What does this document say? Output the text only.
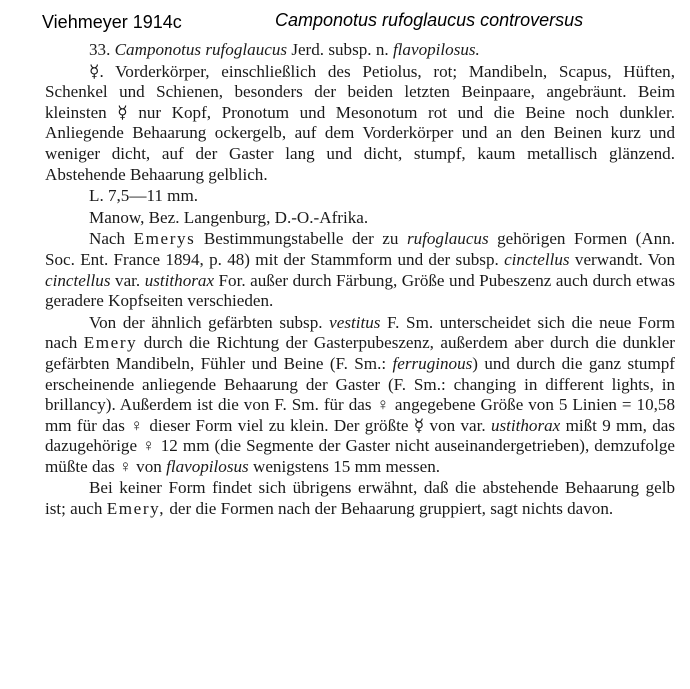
Viehmeyer 1914c	Camponotus rufoglaucus controversus

33. Camponotus rufoglaucus Jerd. subsp. n. flavopilosus.

☿. Vorderkörper, einschließlich des Petiolus, rot; Mandibeln, Scapus, Hüften, Schenkel und Schienen, besonders der beiden letzten Beinpaare, angebräunt. Beim kleinsten ☿ nur Kopf, Pronotum und Mesonotum rot und die Beine noch dunkler. Anliegende Behaarung ockergelb, auf dem Vorderkörper und an den Beinen kurz und weniger dicht, auf der Gaster lang und dicht, stumpf, kaum metallisch glänzend. Abstehende Behaarung gelblich.

L. 7,5—11 mm.

Manow, Bez. Langenburg, D.-O.-Afrika.

Nach Emerys Bestimmungstabelle der zu rufoglaucus gehörigen Formen (Ann. Soc. Ent. France 1894, p. 48) mit der Stammform und der subsp. cinctellus verwandt. Von cinctellus var. ustithorax For. außer durch Färbung, Größe und Pubeszenz auch durch etwas geradere Kopfseiten verschieden.

Von der ähnlich gefärbten subsp. vestitus F. Sm. unterscheidet sich die neue Form nach Emery durch die Richtung der Gasterpubeszenz, außerdem aber durch die dunkler gefärbten Mandibeln, Fühler und Beine (F. Sm.: ferruginous) und durch die ganz stumpf erscheinende anliegende Behaarung der Gaster (F. Sm.: changing in different lights, in brillancy). Außerdem ist die von F. Sm. für das ♀ angegebene Größe von 5 Linien = 10,58 mm für das ♀ dieser Form viel zu klein. Der größte ☿ von var. ustithorax mißt 9 mm, das dazugehörige ♀ 12 mm (die Segmente der Gaster nicht auseinandergetrieben), demzufolge müßte das ♀ von flavopilosus wenigstens 15 mm messen.

Bei keiner Form findet sich übrigens erwähnt, daß die abstehende Behaarung gelb ist; auch Emery, der die Formen nach der Behaarung gruppiert, sagt nichts davon.
